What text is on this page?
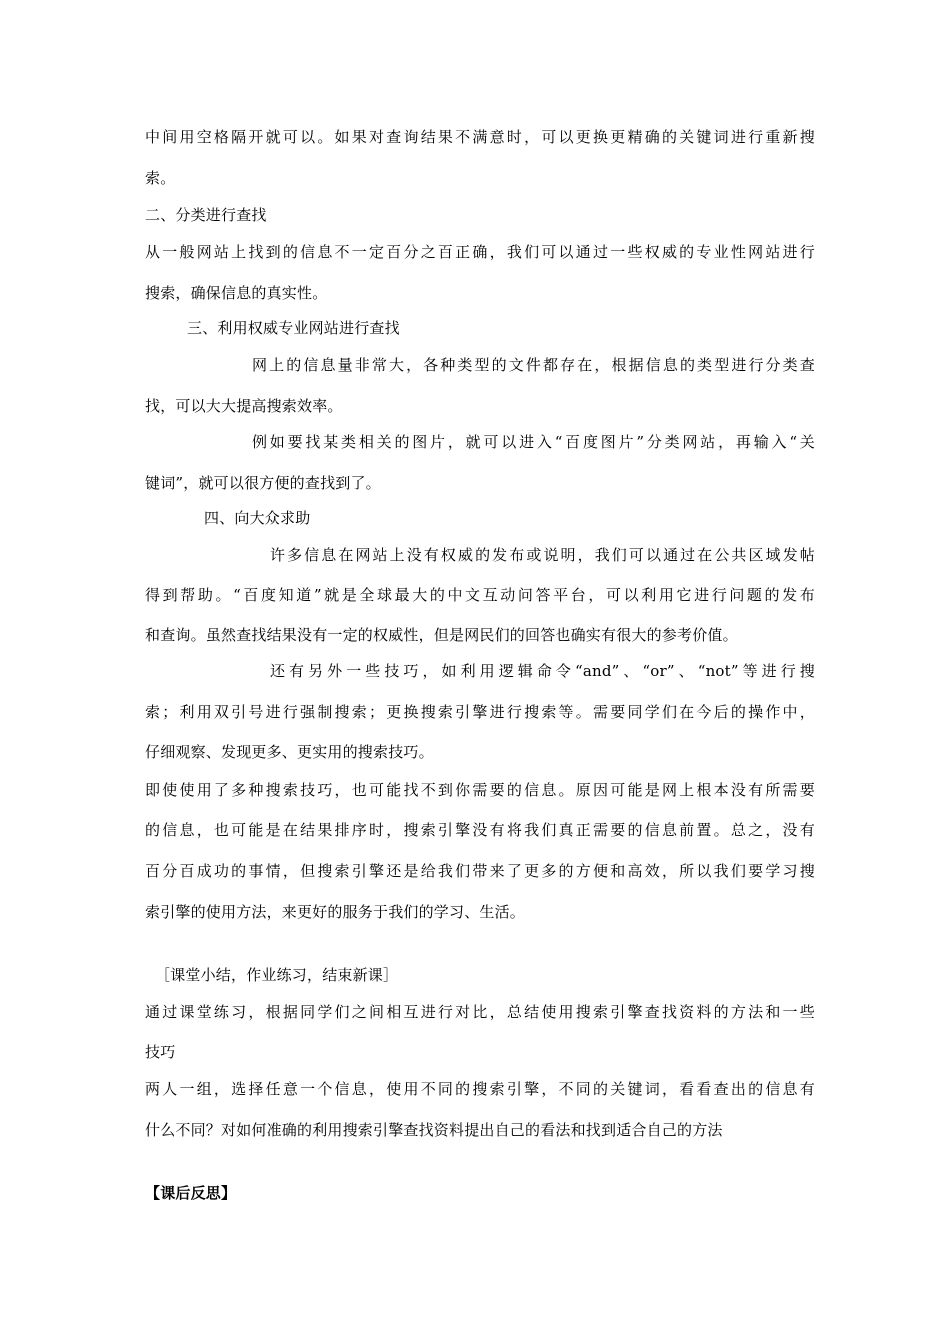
中间用空格隔开就可以。如果对查询结果不满意时，可以更换更精确的关键词进行重新搜
索。
二、分类进行查找
从一般网站上找到的信息不一定百分之百正确，我们可以通过一些权威的专业性网站进行
搜索，确保信息的真实性。
三、利用权威专业网站进行查找
网上的信息量非常大，各种类型的文件都存在，根据信息的类型进行分类查
找，可以大大提高搜索效率。
例如要找某类相关的图片，就可以进入“百度图片”分类网站，再输入“关
键词”，就可以很方便的查找到了。
四、向大众求助
许多信息在网站上没有权威的发布或说明，我们可以通过在公共区域发帖
得到帮助。“百度知道”就是全球最大的中文互动问答平台，可以利用它进行问题的发布
和查询。虽然查找结果没有一定的权威性，但是网民们的回答也确实有很大的参考价值。
还有另外一些技巧，如利用逻辑命令“and”、“or”、“not”等进行搜
索；利用双引号进行强制搜索；更换搜索引擎进行搜索等。需要同学们在今后的操作中，
仔细观察、发现更多、更实用的搜索技巧。
即使使用了多种搜索技巧，也可能找不到你需要的信息。原因可能是网上根本没有所需要
的信息，也可能是在结果排序时，搜索引擎没有将我们真正需要的信息前置。总之，没有
百分百成功的事情，但搜索引擎还是给我们带来了更多的方便和高效，所以我们要学习搜
索引擎的使用方法，来更好的服务于我们的学习、生活。
［课堂小结，作业练习，结束新课］
通过课堂练习，根据同学们之间相互进行对比，总结使用搜索引擎查找资料的方法和一些
技巧
两人一组，选择任意一个信息，使用不同的搜索引擎，不同的关键词，看看查出的信息有
什么不同？对如何准确的利用搜索引擎查找资料提出自己的看法和找到适合自己的方法
【课后反思】
